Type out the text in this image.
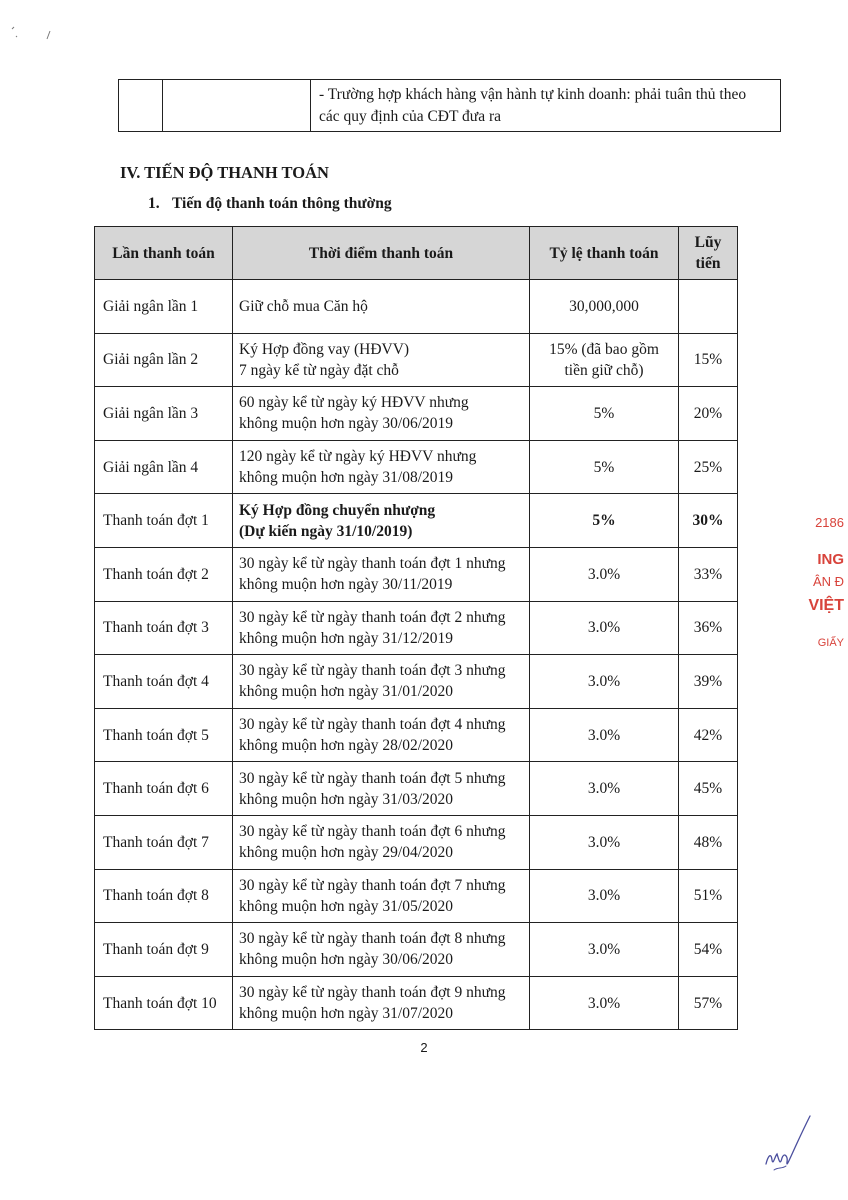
- Trường hợp khách hàng vận hành tự kinh doanh: phải tuân thủ theo
các quy định của CĐT đưa ra
IV. TIẾN ĐỘ THANH TOÁN
1. Tiến độ thanh toán thông thường
Lần thanh toán	Thời điểm thanh toán	Tỷ lệ thanh toán	Lũy
tiến

Giải ngân lần 1	Giữ chỗ mua Căn hộ	30,000,000	
Giải ngân lần 2	Ký Hợp đồng vay (HĐVV)
7 ngày kể từ ngày đặt chỗ	15% (đã bao gồm
tiền giữ chỗ)	15%
Giải ngân lần 3	60 ngày kể từ ngày ký HĐVV nhưng
không muộn hơn ngày 30/06/2019	5%	20%
Giải ngân lần 4	120 ngày kể từ ngày ký HĐVV nhưng
không muộn hơn ngày 31/08/2019	5%	25%
Thanh toán đợt 1	Ký Hợp đồng chuyển nhượng
(Dự kiến ngày 31/10/2019)	5%	30%
Thanh toán đợt 2	30 ngày kể từ ngày thanh toán đợt 1 nhưng
không muộn hơn ngày 30/11/2019	3.0%	33%
Thanh toán đợt 3	30 ngày kể từ ngày thanh toán đợt 2 nhưng
không muộn hơn ngày 31/12/2019	3.0%	36%
Thanh toán đợt 4	30 ngày kể từ ngày thanh toán đợt 3 nhưng
không muộn hơn ngày 31/01/2020	3.0%	39%
Thanh toán đợt 5	30 ngày kể từ ngày thanh toán đợt 4 nhưng
không muộn hơn ngày 28/02/2020	3.0%	42%
Thanh toán đợt 6	30 ngày kể từ ngày thanh toán đợt 5 nhưng
không muộn hơn ngày 31/03/2020	3.0%	45%
Thanh toán đợt 7	30 ngày kể từ ngày thanh toán đợt 6 nhưng
không muộn hơn ngày 29/04/2020	3.0%	48%
Thanh toán đợt 8	30 ngày kể từ ngày thanh toán đợt 7 nhưng
không muộn hơn ngày 31/05/2020	3.0%	51%
Thanh toán đợt 9	30 ngày kể từ ngày thanh toán đợt 8 nhưng
không muộn hơn ngày 30/06/2020	3.0%	54%
Thanh toán đợt 10	30 ngày kể từ ngày thanh toán đợt 9 nhưng
không muộn hơn ngày 31/07/2020	3.0%	57%
2
2186
ING
ÂN Đ
VIỆT
GIẤY
